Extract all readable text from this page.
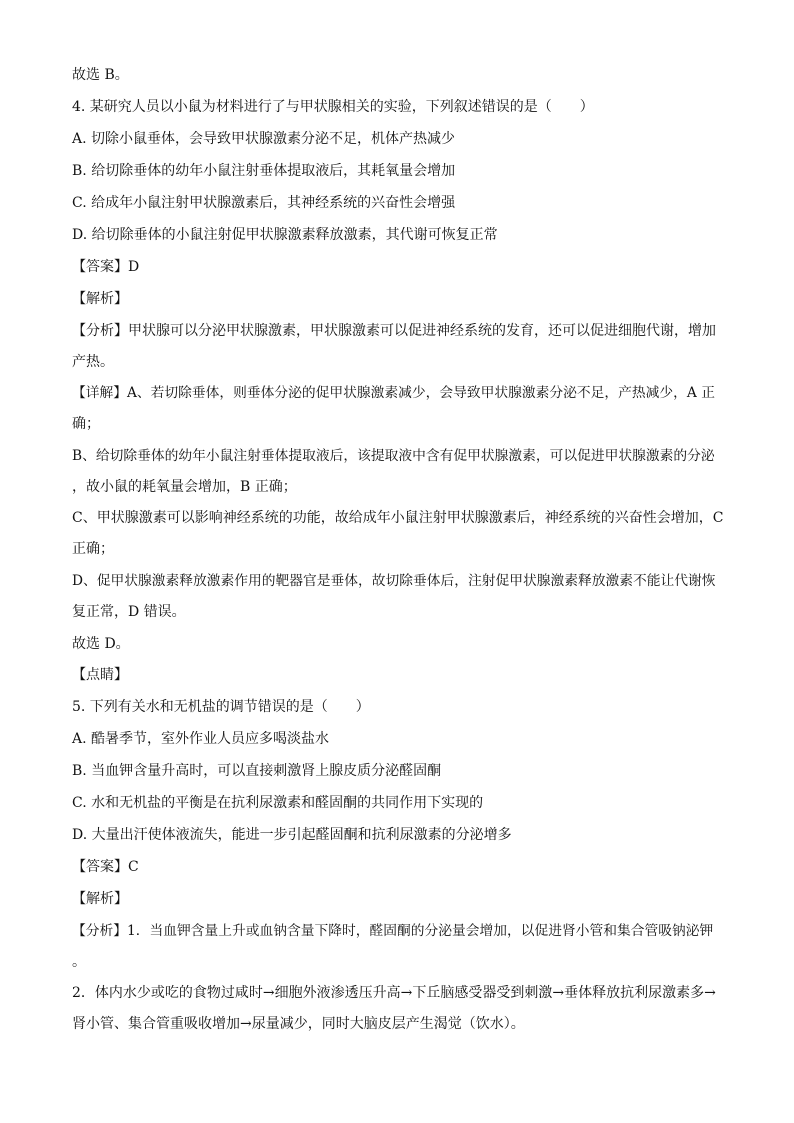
故选 B。
4. 某研究人员以小鼠为材料进行了与甲状腺相关的实验，下列叙述错误的是（　　）
A. 切除小鼠垂体，会导致甲状腺激素分泌不足，机体产热减少
B. 给切除垂体的幼年小鼠注射垂体提取液后，其耗氧量会增加
C. 给成年小鼠注射甲状腺激素后，其神经系统的兴奋性会增强
D. 给切除垂体的小鼠注射促甲状腺激素释放激素，其代谢可恢复正常
【答案】D
【解析】
【分析】甲状腺可以分泌甲状腺激素，甲状腺激素可以促进神经系统的发育，还可以促进细胞代谢，增加
产热。
【详解】A、若切除垂体，则垂体分泌的促甲状腺激素减少，会导致甲状腺激素分泌不足，产热减少，A 正
确；
B、给切除垂体的幼年小鼠注射垂体提取液后，该提取液中含有促甲状腺激素，可以促进甲状腺激素的分泌
，故小鼠的耗氧量会增加，B 正确；
C、甲状腺激素可以影响神经系统的功能，故给成年小鼠注射甲状腺激素后，神经系统的兴奋性会增加，C
正确；
D、促甲状腺激素释放激素作用的靶器官是垂体，故切除垂体后，注射促甲状腺激素释放激素不能让代谢恢
复正常，D 错误。
故选 D。
【点睛】
5. 下列有关水和无机盐的调节错误的是（　　）
A. 酷暑季节，室外作业人员应多喝淡盐水
B. 当血钾含量升高时，可以直接刺激肾上腺皮质分泌醛固酮
C. 水和无机盐的平衡是在抗利尿激素和醛固酮的共同作用下实现的
D. 大量出汗使体液流失，能进一步引起醛固酮和抗利尿激素的分泌增多
【答案】C
【解析】
【分析】1．当血钾含量上升或血钠含量下降时，醛固酮的分泌量会增加，以促进肾小管和集合管吸钠泌钾
。
2．体内水少或吃的食物过咸时→细胞外液渗透压升高→下丘脑感受器受到刺激→垂体释放抗利尿激素多→
肾小管、集合管重吸收增加→尿量减少，同时大脑皮层产生渴觉（饮水）。
